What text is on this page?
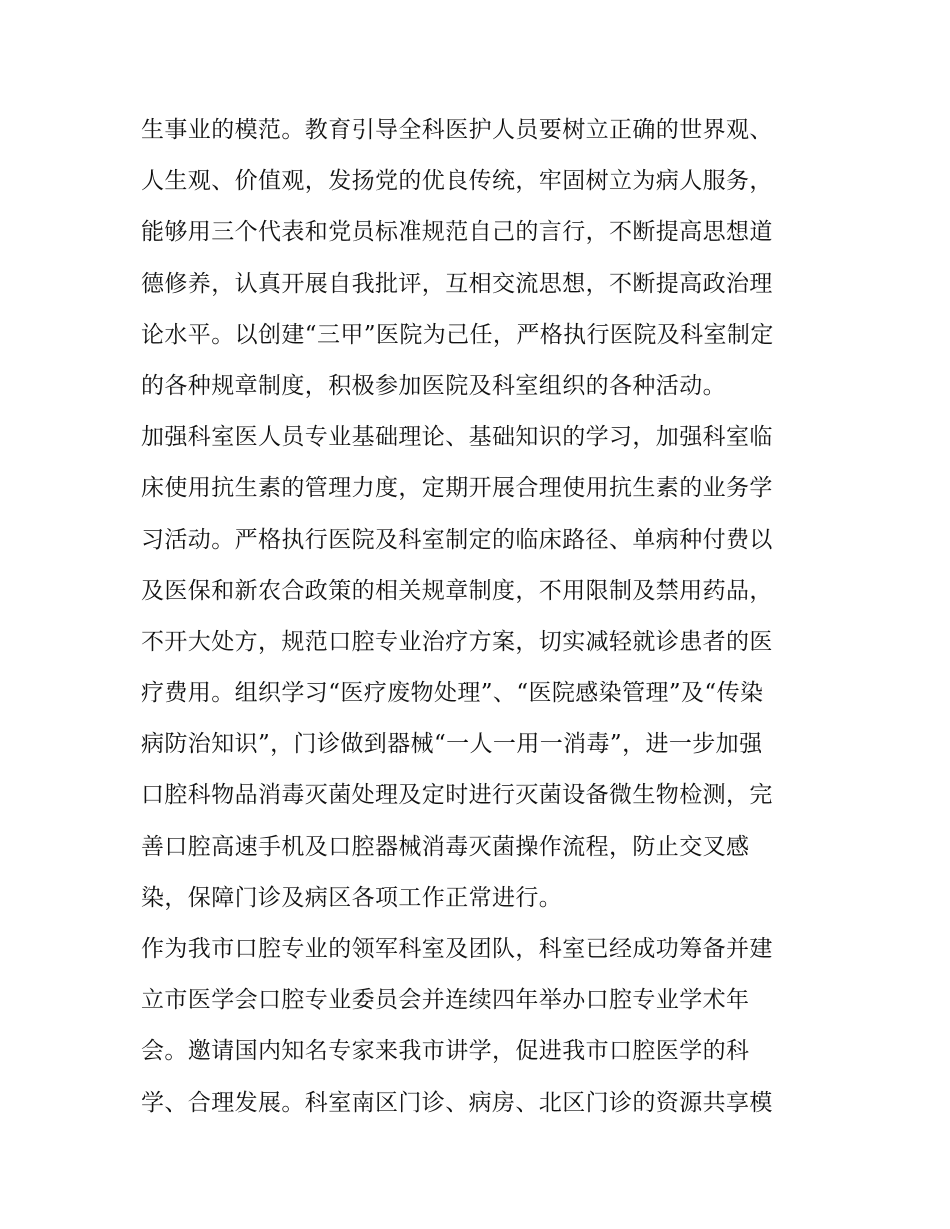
生事业的模范。教育引导全科医护人员要树立正确的世界观、
人生观、价值观，发扬党的优良传统，牢固树立为病人服务，
能够用三个代表和党员标准规范自己的言行，不断提高思想道
德修养，认真开展自我批评，互相交流思想，不断提高政治理
论水平。以创建“三甲”医院为己任，严格执行医院及科室制定
的各种规章制度，积极参加医院及科室组织的各种活动。
加强科室医人员专业基础理论、基础知识的学习，加强科室临
床使用抗生素的管理力度，定期开展合理使用抗生素的业务学
习活动。严格执行医院及科室制定的临床路径、单病种付费以
及医保和新农合政策的相关规章制度，不用限制及禁用药品，
不开大处方，规范口腔专业治疗方案，切实减轻就诊患者的医
疗费用。组织学习“医疗废物处理”、“医院感染管理”及“传染
病防治知识”，门诊做到器械“一人一用一消毒”，进一步加强
口腔科物品消毒灭菌处理及定时进行灭菌设备微生物检测，完
善口腔高速手机及口腔器械消毒灭菌操作流程，防止交叉感
染，保障门诊及病区各项工作正常进行。
作为我市口腔专业的领军科室及团队，科室已经成功筹备并建
立市医学会口腔专业委员会并连续四年举办口腔专业学术年
会。邀请国内知名专家来我市讲学，促进我市口腔医学的科
学、合理发展。科室南区门诊、病房、北区门诊的资源共享模
